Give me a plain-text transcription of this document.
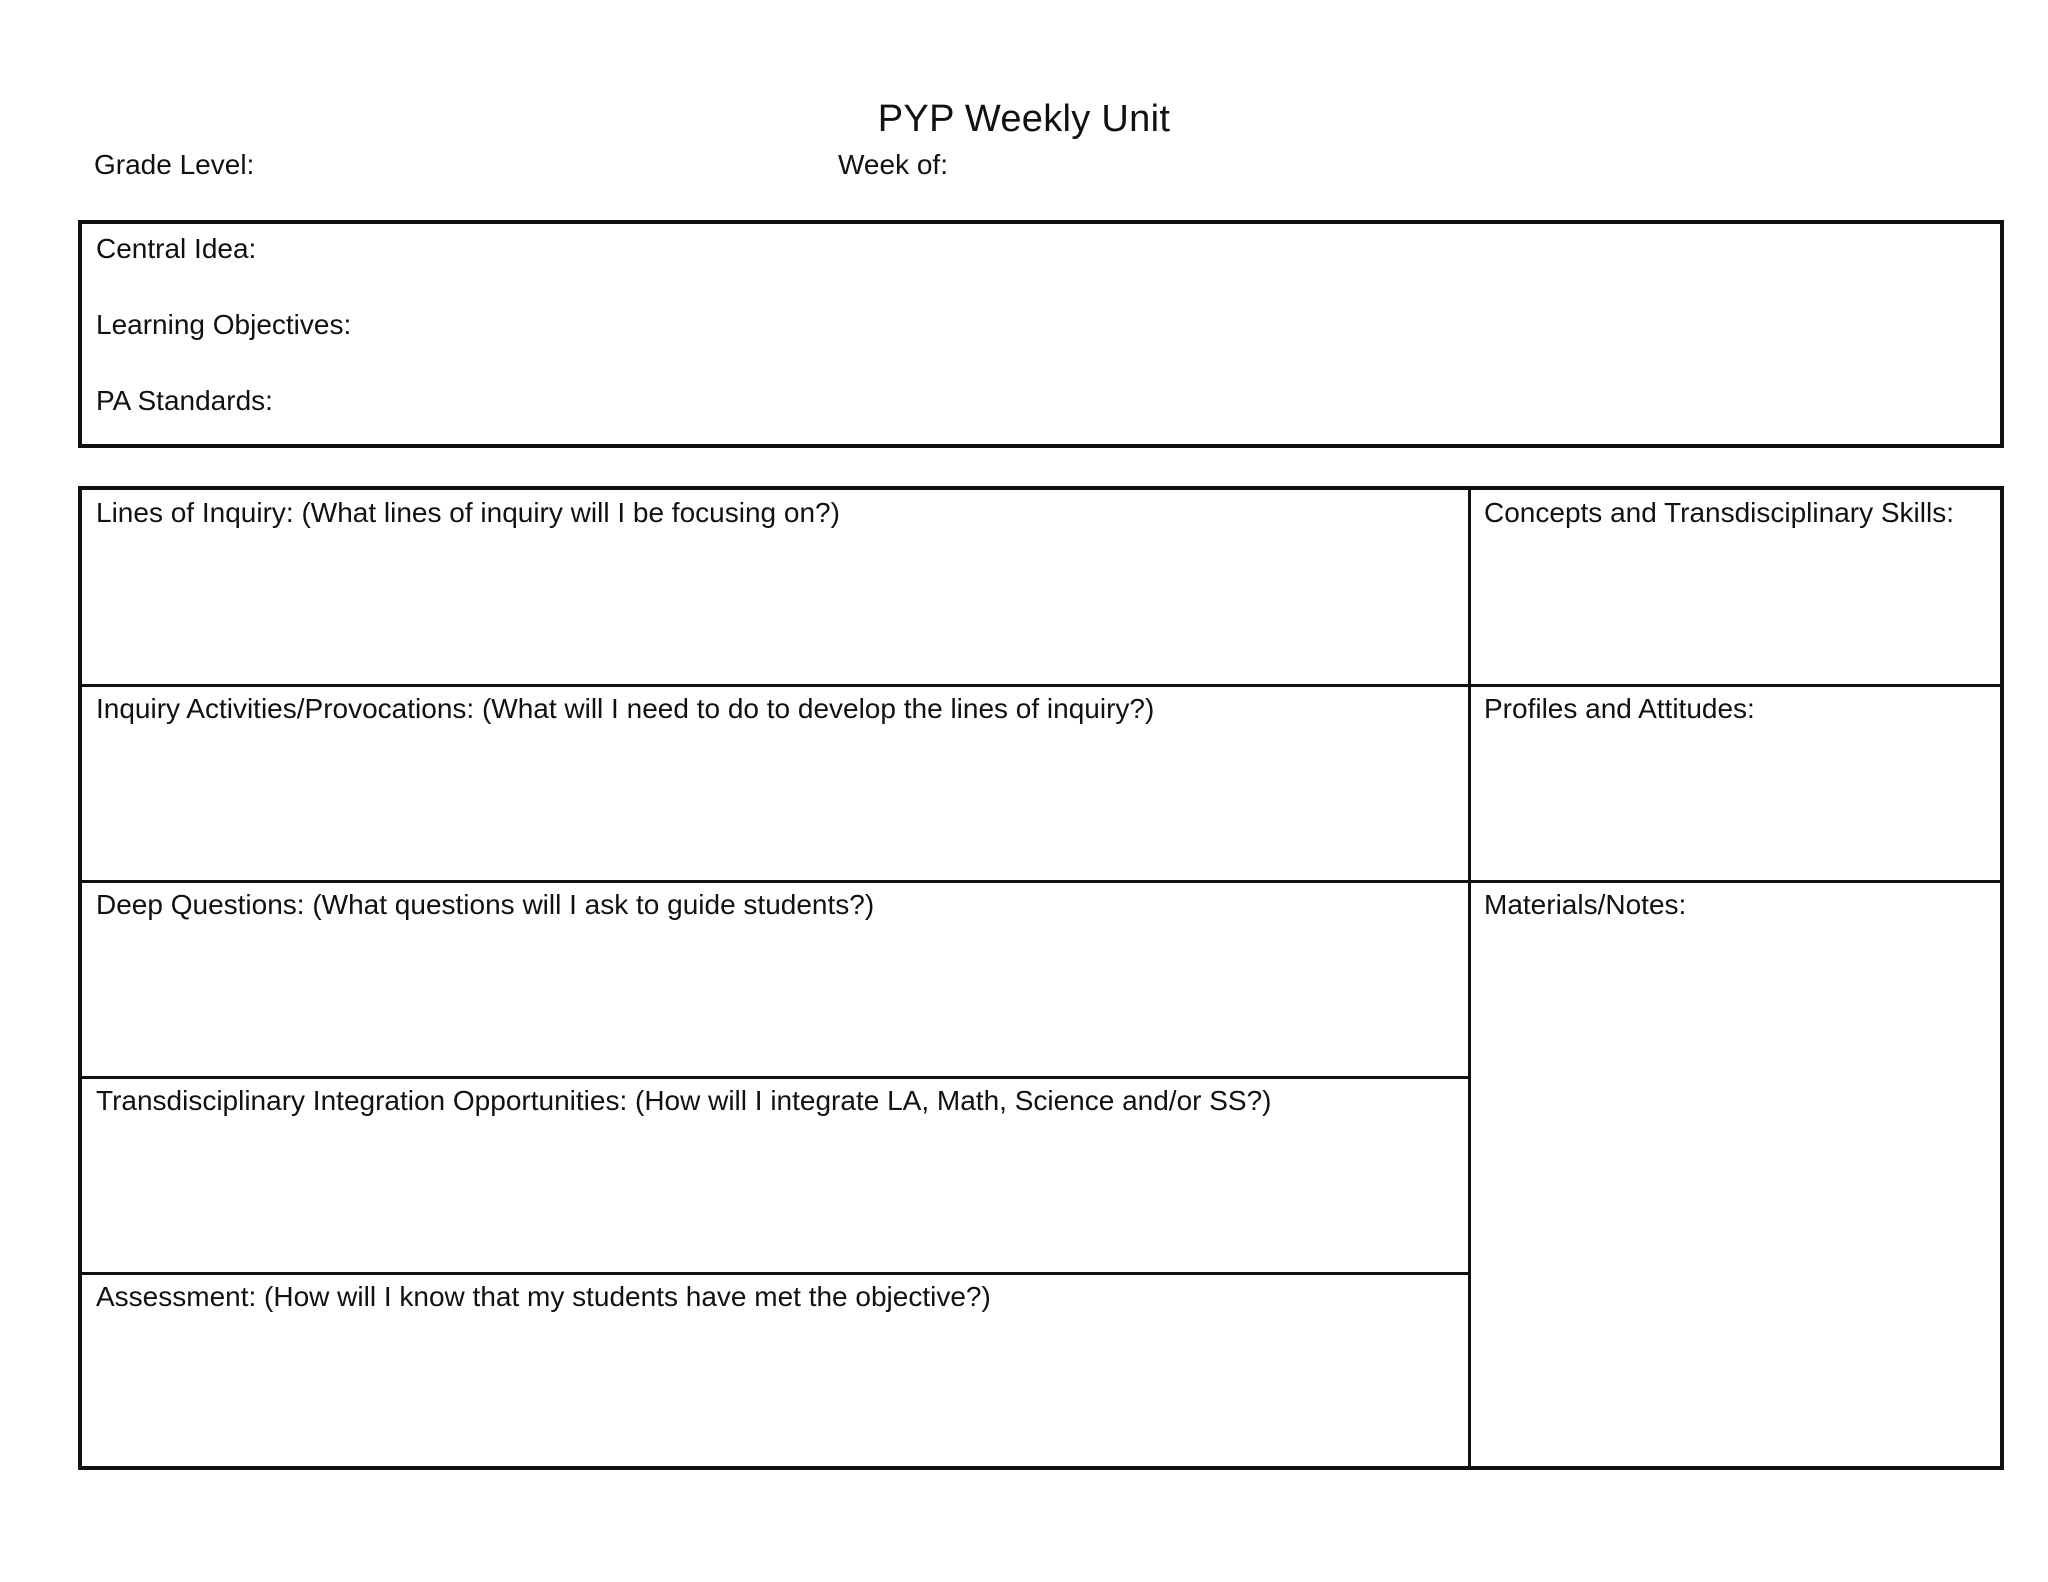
PYP Weekly Unit
Grade Level:	Week of:
Central Idea:
Learning Objectives:
PA Standards:
Lines of Inquiry: (What lines of inquiry will I be focusing on?)
Inquiry Activities/Provocations: (What will I need to do to develop the lines of inquiry?)
Deep Questions: (What questions will I ask to guide students?)
Transdisciplinary Integration Opportunities: (How will I integrate LA, Math, Science and/or SS?)
Assessment: (How will I know that my students have met the objective?)
Concepts and Transdisciplinary Skills:
Profiles and Attitudes:
Materials/Notes:
